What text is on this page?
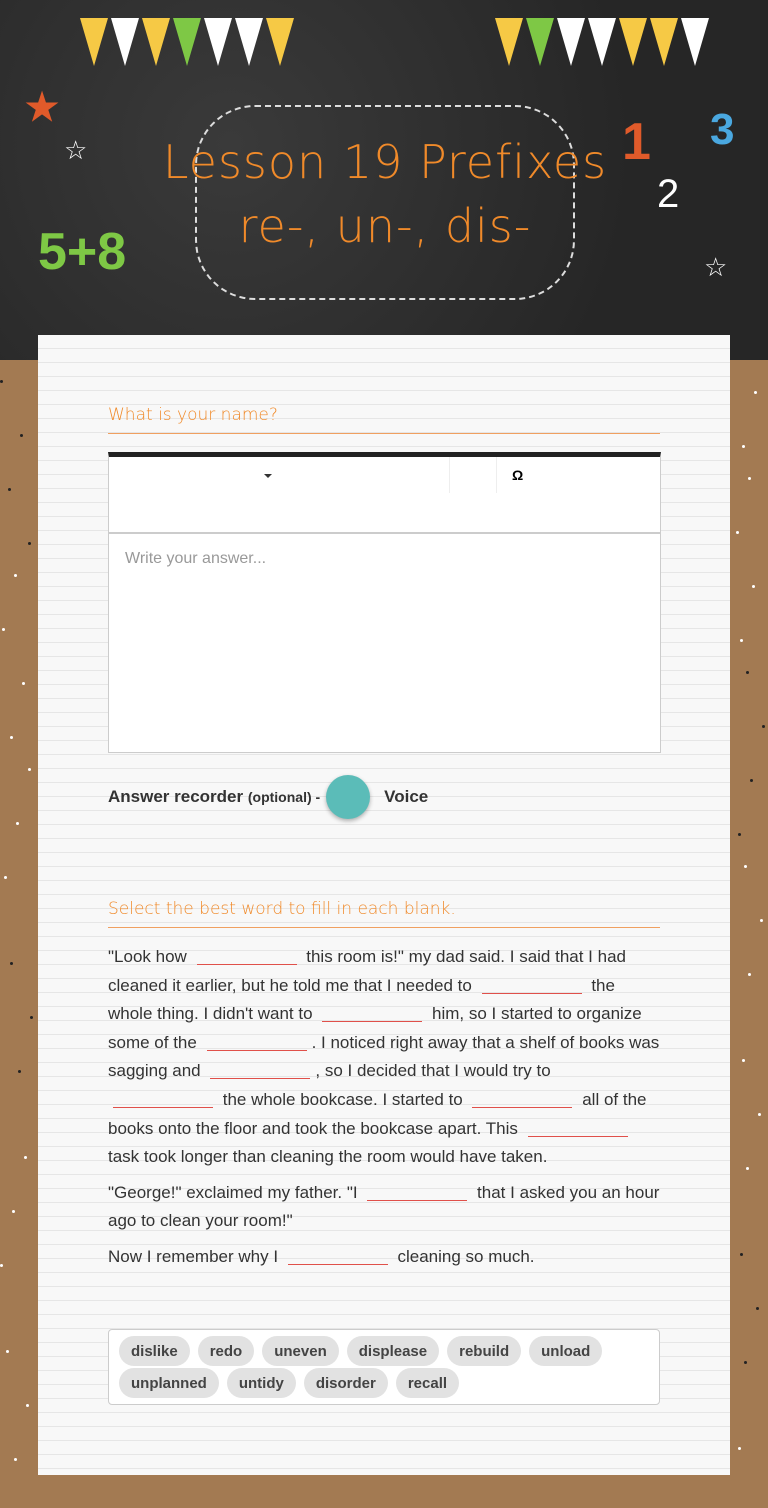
Lesson 19 Prefixes re-, un-, dis-
5+8
1
2
3
★
☆
☆
What is your name?
Ω
Write your answer...
Answer recorder
(optional) -	Voice
Select the best word to fill in each blank.

"Look how	this room is!" my dad said. I said that I had cleaned it earlier, but he told me that I needed to	the whole thing. I didn't want to	him, so I started to organize some of the	. I noticed right away that a shelf of books was sagging and	, so I decided that I would try to  the whole bookcase. I started to	all of the books onto the floor and took the bookcase apart. This  task took longer than cleaning the room would have taken.

"George!" exclaimed my father. "I	that I asked you an hour ago to clean your room!"

Now I remember why I	cleaning so much.

dislike	redo	uneven	displease	rebuild	unload
unplanned	untidy	disorder	recall
